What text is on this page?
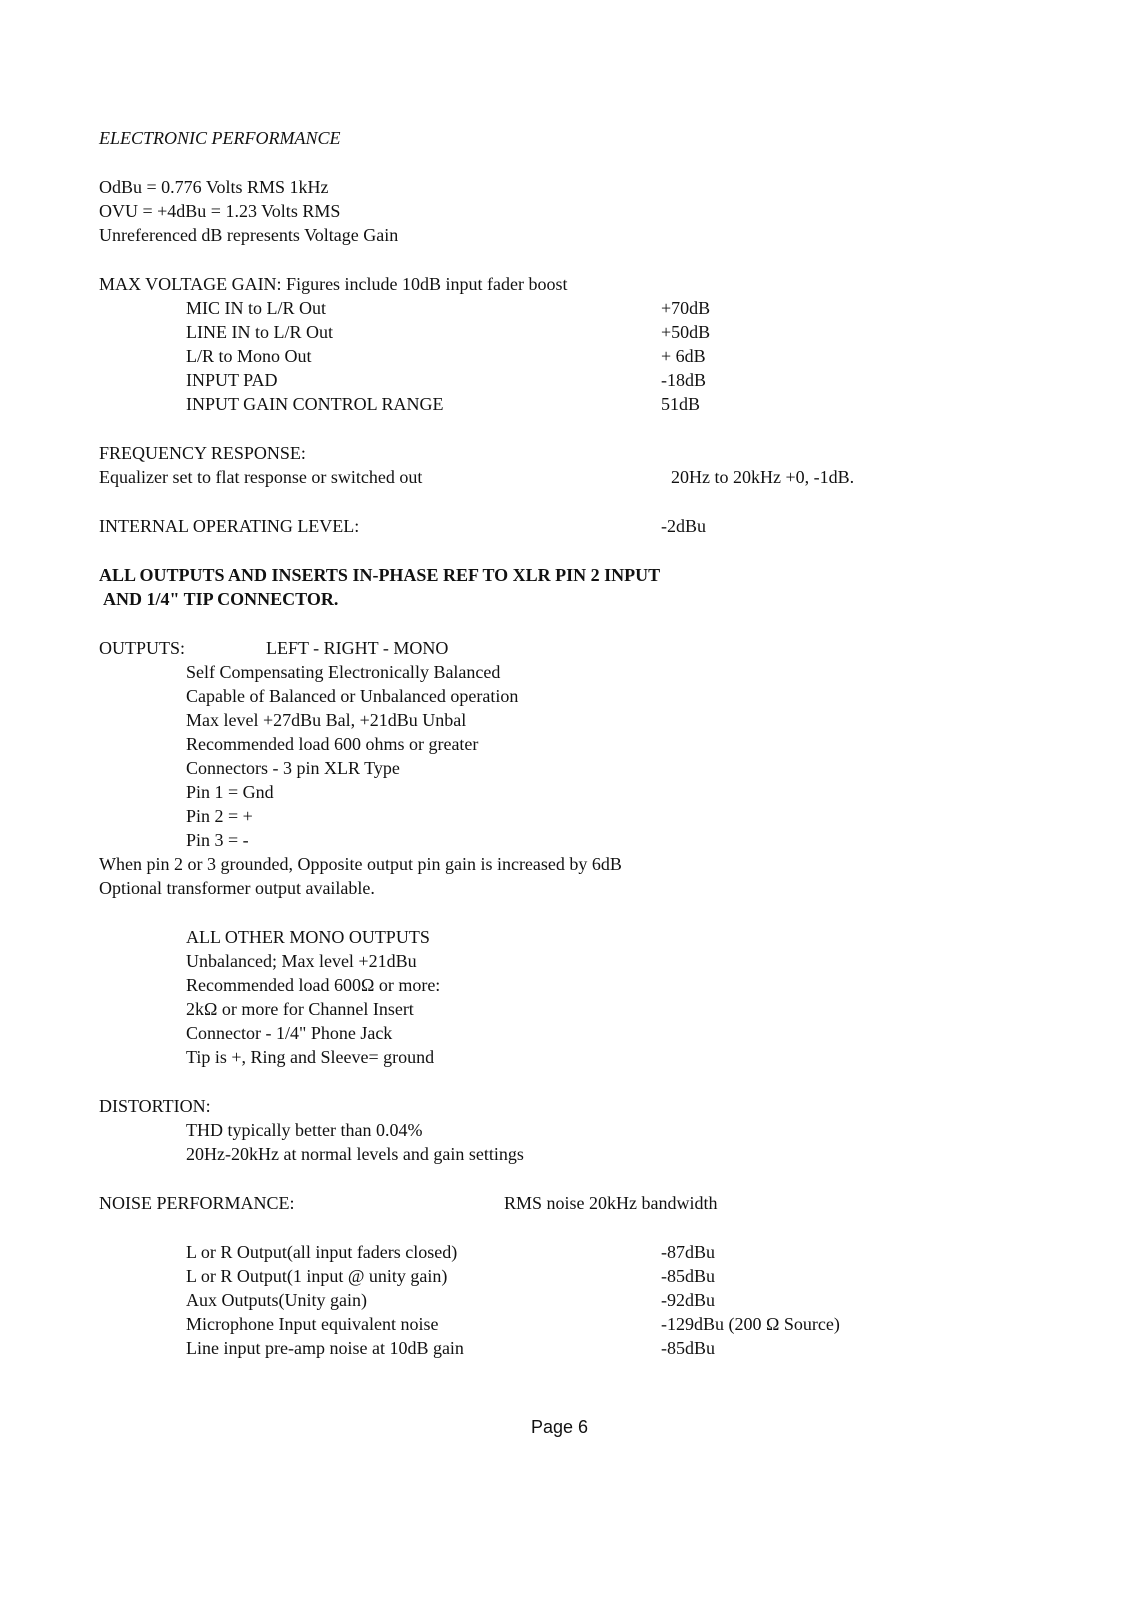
ELECTRONIC PERFORMANCE
OdBu = 0.776 Volts RMS 1kHz
OVU = +4dBu = 1.23 Volts RMS
Unreferenced dB represents Voltage Gain
MAX VOLTAGE GAIN: Figures include 10dB input fader boost
MIC IN to L/R Out	+70dB
LINE IN to L/R Out	+50dB
L/R to Mono Out	+ 6dB
INPUT PAD	-18dB
INPUT GAIN CONTROL RANGE	51dB
FREQUENCY RESPONSE:
Equalizer set to flat response or switched out	20Hz to 20kHz +0, -1dB.
INTERNAL OPERATING LEVEL:	-2dBu
ALL OUTPUTS AND INSERTS IN-PHASE REF TO XLR PIN 2 INPUT
AND 1/4" TIP CONNECTOR.
OUTPUTS:	LEFT - RIGHT - MONO
Self Compensating Electronically Balanced
Capable of Balanced or Unbalanced operation
Max level +27dBu Bal, +21dBu Unbal
Recommended load 600 ohms or greater
Connectors - 3 pin XLR Type
Pin 1 = Gnd
Pin 2 = +
Pin 3 = -
When pin 2 or 3 grounded, Opposite output pin gain is increased by 6dB
Optional transformer output available.
ALL OTHER MONO OUTPUTS
Unbalanced; Max level +21dBu
Recommended load 600Ω or more:
2kΩ or more for Channel Insert
Connector - 1/4" Phone Jack
Tip is +, Ring and Sleeve= ground
DISTORTION:
THD typically better than 0.04%
20Hz-20kHz at normal levels and gain settings
NOISE PERFORMANCE:	RMS noise 20kHz bandwidth
L or R Output(all input faders closed)	-87dBu
L or R Output(1 input @ unity gain)	-85dBu
Aux Outputs(Unity gain)	-92dBu
Microphone Input equivalent noise	-129dBu (200 Ω Source)
Line input pre-amp noise at 10dB gain	-85dBu
Page 6
